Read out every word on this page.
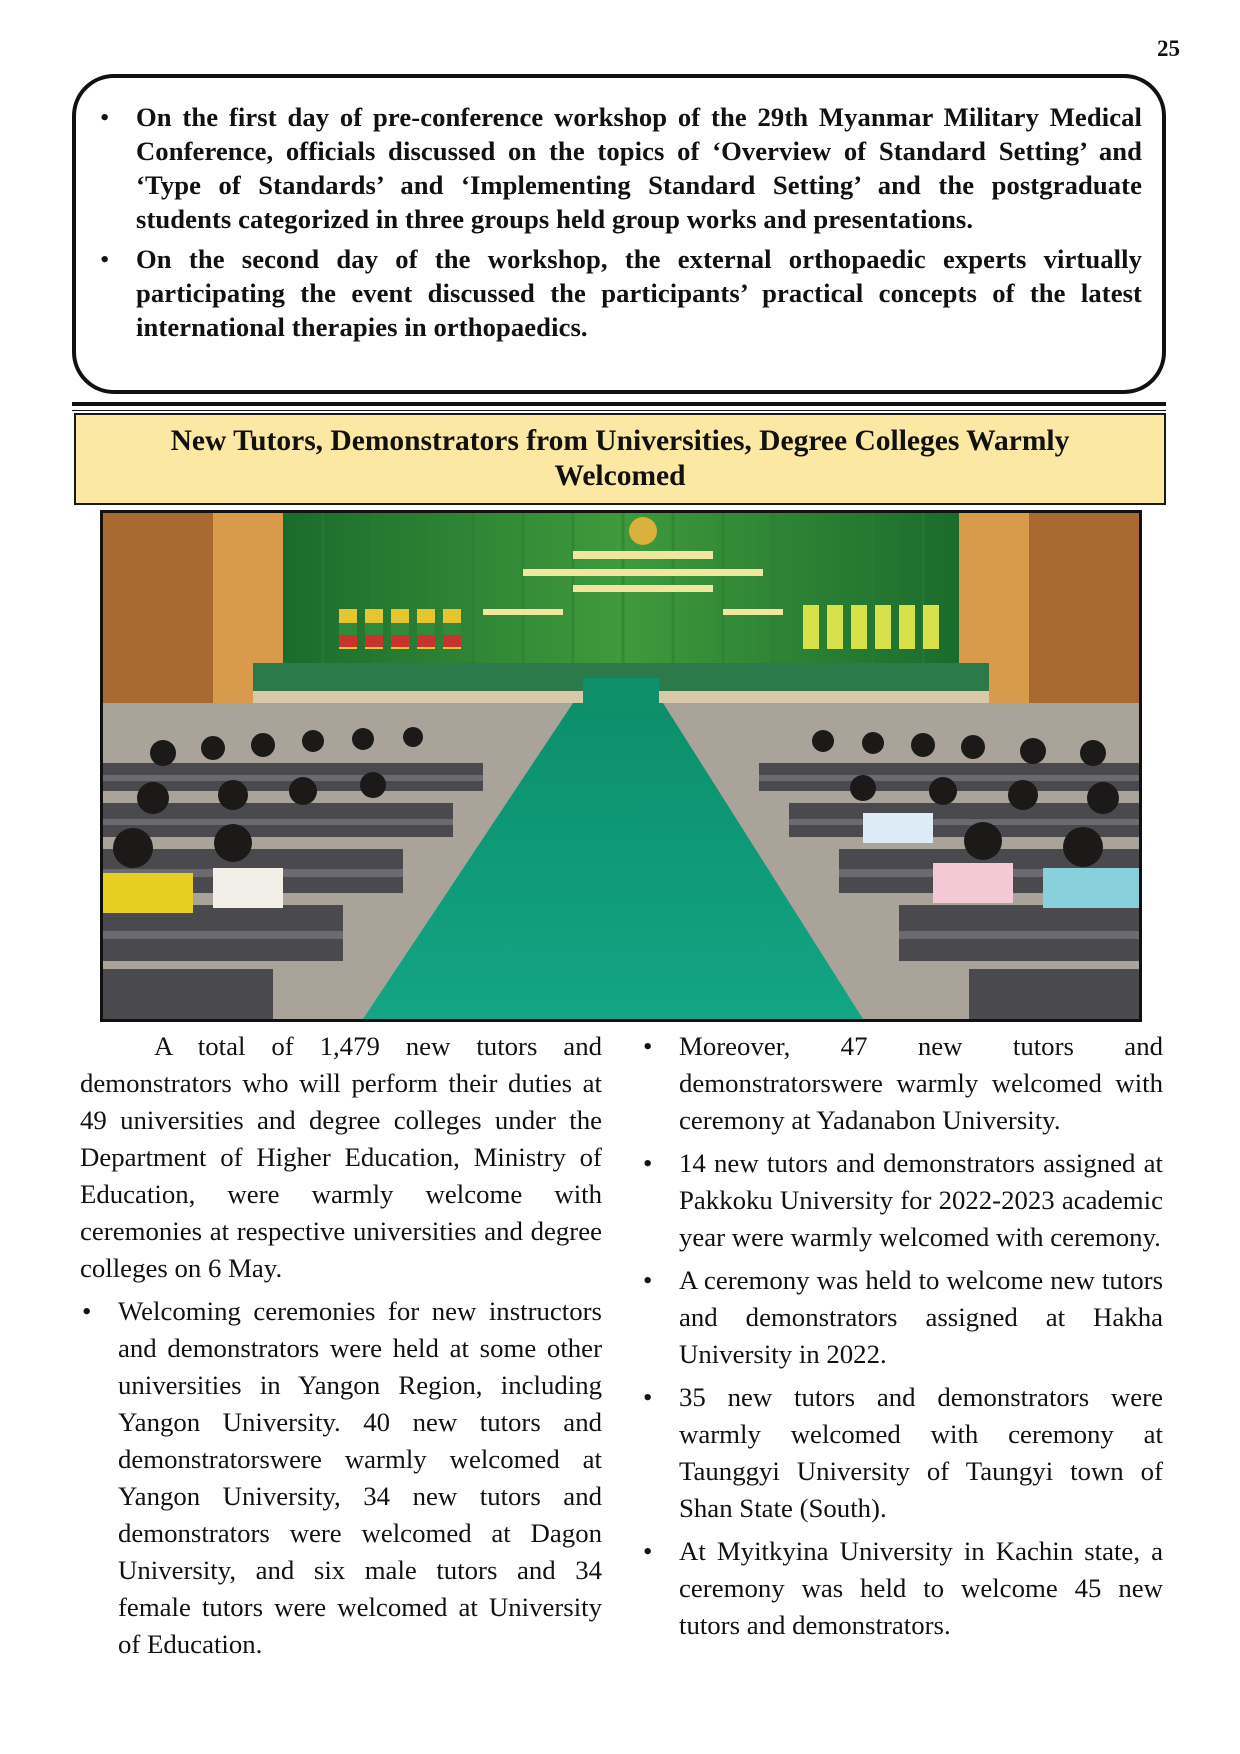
25
• On the first day of pre-conference workshop of the 29th Myanmar Military Medical Conference, officials discussed on the topics of ‘Overview of Standard Setting’ and ‘Type of Standards’ and ‘Implementing Standard Setting’ and the postgraduate students categorized in three groups held group works and presentations.
• On the second day of the workshop, the external orthopaedic experts virtually participating the event discussed the participants’ practical concepts of the latest international therapies in orthopaedics.
New Tutors, Demonstrators from Universities, Degree Colleges Warmly Welcomed

A total of 1,479 new tutors and demonstrators who will perform their duties at 49 universities and degree colleges under the Department of Higher Education, Ministry of Education, were warmly welcome with ceremonies at respective universities and degree colleges on 6 May.

• Welcoming ceremonies for new instructors and demonstrators were held at some other universities in Yangon Region, including Yangon University. 40 new tutors and demonstratorswere warmly welcomed at Yangon University, 34 new tutors and demonstrators were welcomed at Dagon University, and six male tutors and 34 female tutors were welcomed at University of Education.
• Moreover, 47 new tutors and demonstratorswere warmly welcomed with ceremony at Yadanabon University.
• 14 new tutors and demonstrators assigned at Pakkoku University for 2022-2023 academic year were warmly welcomed with ceremony.
• A ceremony was held to welcome new tutors and demonstrators assigned at Hakha University in 2022.
• 35 new tutors and demonstrators were warmly welcomed with ceremony at Taunggyi University of Taungyi town of Shan State (South).
• At Myitkyina University in Kachin state, a ceremony was held to welcome 45 new tutors and demonstrators.
